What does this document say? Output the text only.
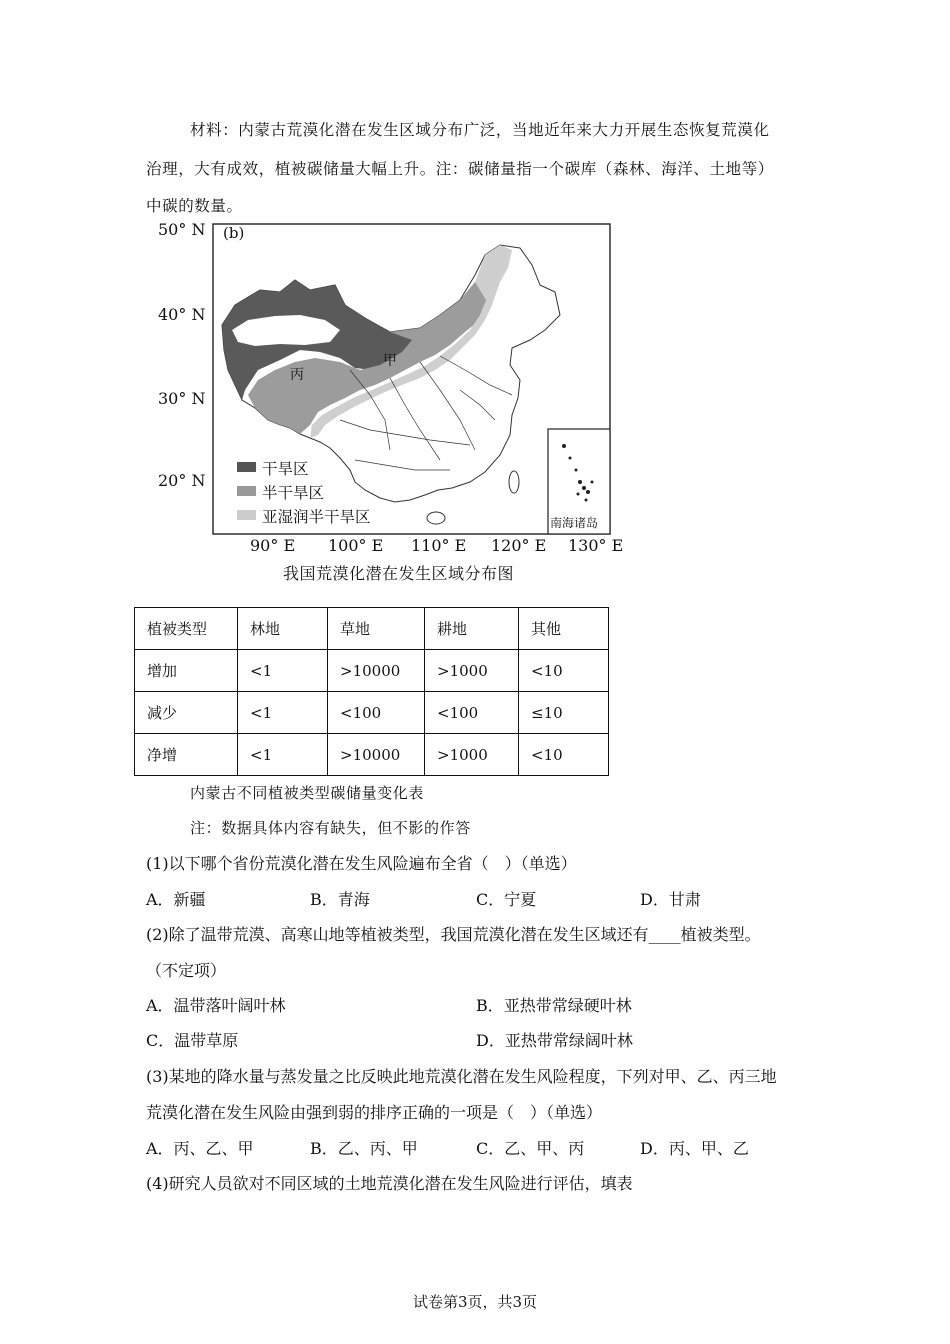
材料：内蒙古荒漠化潜在发生区域分布广泛，当地近年来大力开展生态恢复荒漠化
治理，大有成效，植被碳储量大幅上升。注：碳储量指一个碳库（森林、海洋、土地等）
中碳的数量。
(b)
50° N
40° N
30° N
20° N
90° E 100° E 110° E 120° E 130° E
甲
丙
南海诸岛
干旱区
半干旱区
亚湿润半干旱区
我国荒漠化潜在发生区域分布图
植被类型	林地	草地	耕地	其他
增加	<1	>10000	>1000	<10
减少	<1	<100	<100	≤10
净增	<1	>10000	>1000	<10
内蒙古不同植被类型碳储量变化表
注：数据具体内容有缺失，但不影的作答
(1)以下哪个省份荒漠化潜在发生风险遍布全省（　）（单选）
A．新疆	B．青海	C．宁夏	D．甘肃
(2)除了温带荒漠、高寒山地等植被类型，我国荒漠化潜在发生区域还有____植被类型。
（不定项）
A．温带落叶阔叶林	B．亚热带常绿硬叶林
C．温带草原	D．亚热带常绿阔叶林
(3)某地的降水量与蒸发量之比反映此地荒漠化潜在发生风险程度，下列对甲、乙、丙三地
荒漠化潜在发生风险由强到弱的排序正确的一项是（　）（单选）
A．丙、乙、甲	B．乙、丙、甲	C．乙、甲、丙	D．丙、甲、乙
(4)研究人员欲对不同区域的土地荒漠化潜在发生风险进行评估，填表
试卷第3页，共3页
